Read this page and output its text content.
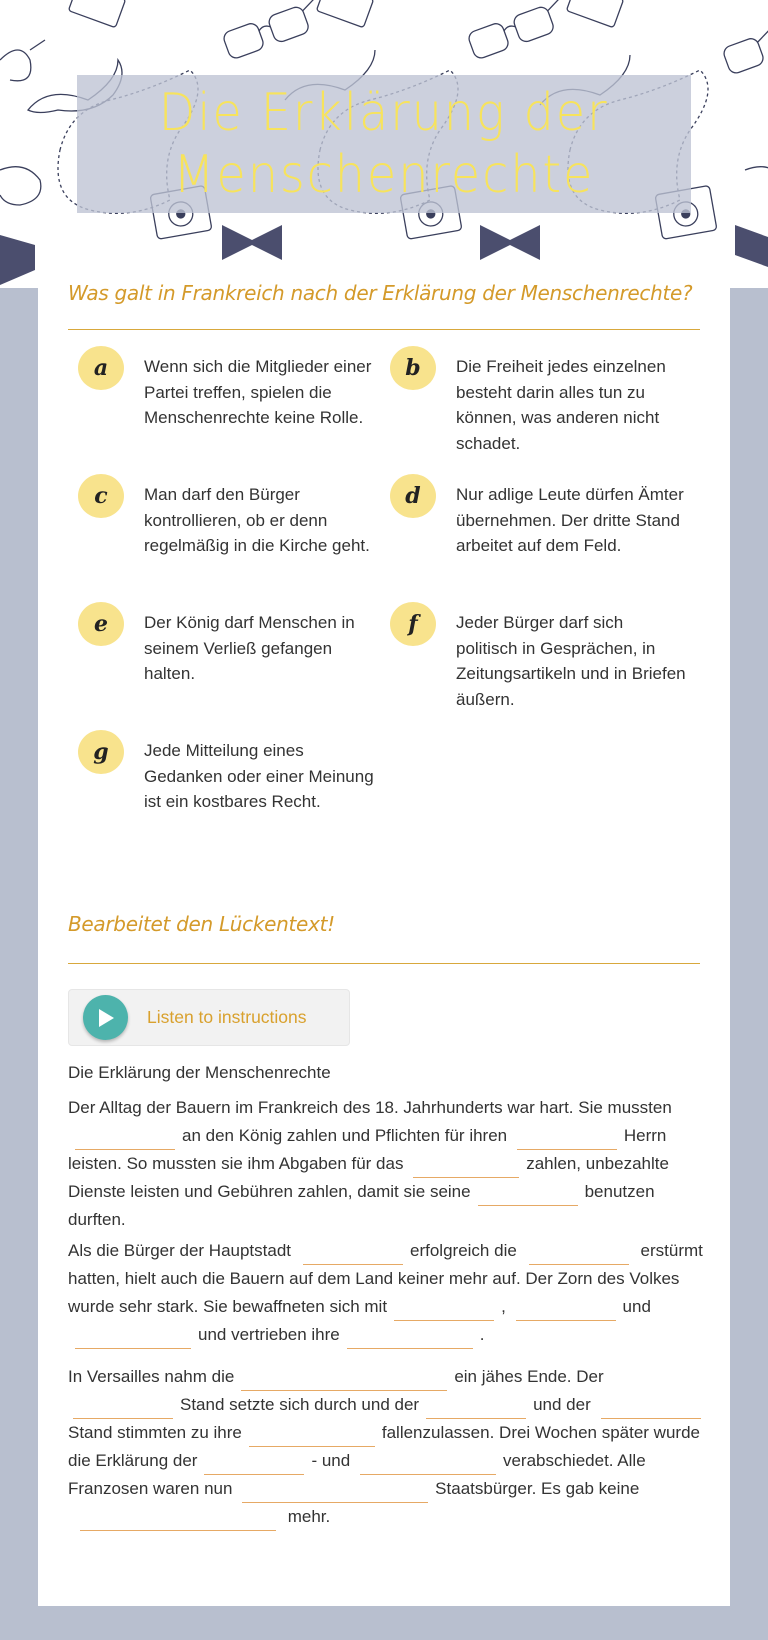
Die Erklärung der
Menschenrechte
Was galt in Frankreich nach der Erklärung der Menschenrechte?
a	Wenn sich die Mitglieder einer Partei treffen, spielen die Menschenrechte keine Rolle.
b	Die Freiheit jedes einzelnen besteht darin alles tun zu können, was anderen nicht schadet.
c	Man darf den Bürger kontrollieren, ob er denn regelmäßig in die Kirche geht.
d	Nur adlige Leute dürfen Ämter übernehmen. Der dritte Stand arbeitet auf dem Feld.
e	Der König darf Menschen in seinem Verließ gefangen halten.
f	Jeder Bürger darf sich politisch in Gesprächen, in Zeitungsartikeln und in Briefen äußern.
g	Jede Mitteilung eines Gedanken oder einer Meinung ist ein kostbares Recht.
Bearbeitet den Lückentext!
Listen to instructions
Die Erklärung der Menschenrechte
Der Alltag der Bauern im Frankreich des 18. Jahrhunderts war hart. Sie musstenan den König zahlen und Pflichten für ihren	Herrn leisten. So mussten sie ihm Abgaben für das	zahlen, unbezahlte Dienste leisten und Gebühren zahlen, damit sie seine	benutzen durften.
Als die Bürger der Hauptstadt	erfolgreich die	erstürmt hatten, hielt auch die Bauern auf dem Land keiner mehr auf. Der Zorn des Volkes wurde sehr stark. Sie bewaffneten sich mit	,	undund vertrieben ihre	.
In Versailles nahm die	ein jähes Ende. Der Stand setzte sich durch und der	und der Stand stimmten zu ihre	fallenzulassen. Drei Wochen später wurde die Erklärung der	- und	verabschiedet. Alle Franzosen waren nun	Staatsbürger. Es gab keine mehr.
